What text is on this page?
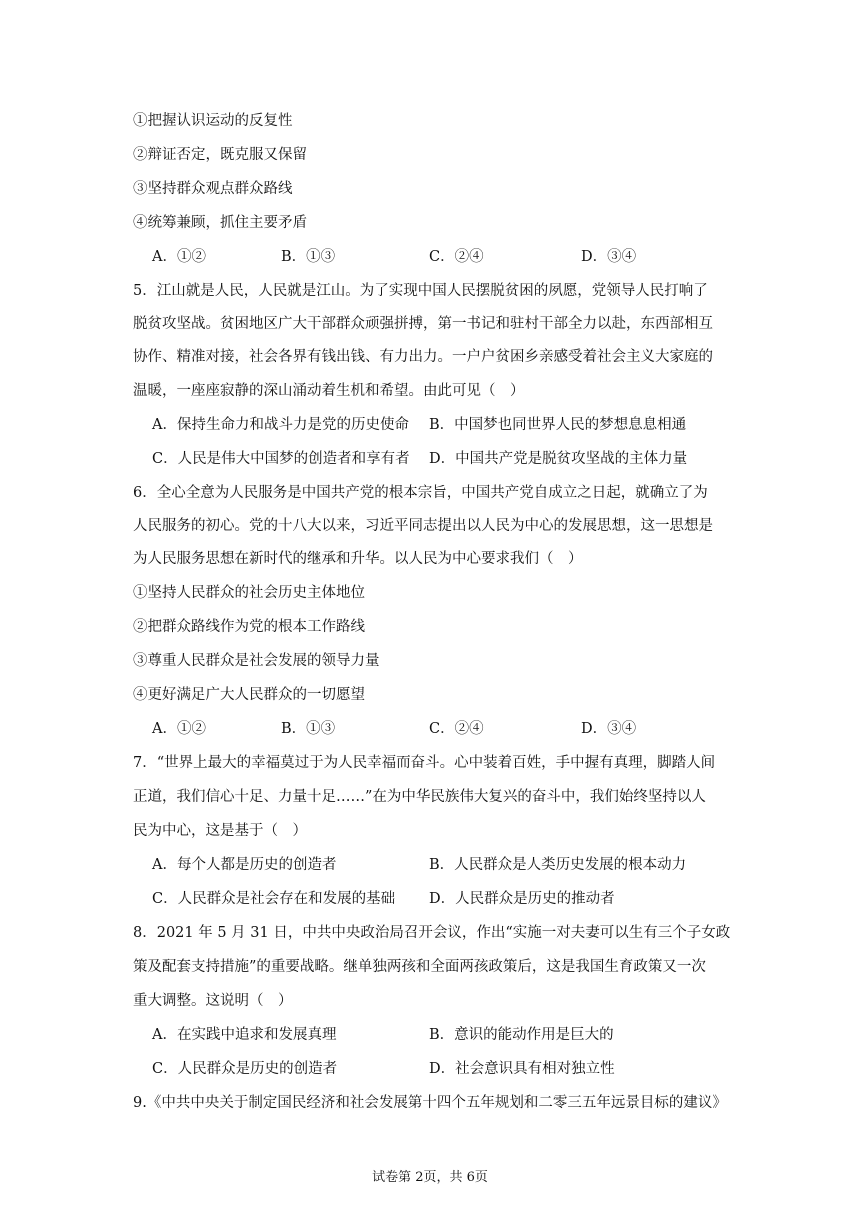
①把握认识运动的反复性
②辩证否定，既克服又保留
③坚持群众观点群众路线
④统筹兼顾，抓住主要矛盾
A．①②	B．①③	C．②④	D．③④
5．江山就是人民，人民就是江山。为了实现中国人民摆脱贫困的夙愿，党领导人民打响了
脱贫攻坚战。贫困地区广大干部群众顽强拼搏，第一书记和驻村干部全力以赴，东西部相互
协作、精准对接，社会各界有钱出钱、有力出力。一户户贫困乡亲感受着社会主义大家庭的
温暖，一座座寂静的深山涌动着生机和希望。由此可见（　）
A．保持生命力和战斗力是党的历史使命 B．中国梦也同世界人民的梦想息息相通
C．人民是伟大中国梦的创造者和享有者 D．中国共产党是脱贫攻坚战的主体力量
6．全心全意为人民服务是中国共产党的根本宗旨，中国共产党自成立之日起，就确立了为
人民服务的初心。党的十八大以来，习近平同志提出以人民为中心的发展思想，这一思想是
为人民服务思想在新时代的继承和升华。以人民为中心要求我们（　）
①坚持人民群众的社会历史主体地位
②把群众路线作为党的根本工作路线
③尊重人民群众是社会发展的领导力量
④更好满足广大人民群众的一切愿望
A．①②	B．①③	C．②④	D．③④
7．“世界上最大的幸福莫过于为人民幸福而奋斗。心中装着百姓，手中握有真理，脚踏人间
正道，我们信心十足、力量十足……”在为中华民族伟大复兴的奋斗中，我们始终坚持以人
民为中心，这是基于（　）
A．每个人都是历史的创造者	B．人民群众是人类历史发展的根本动力
C．人民群众是社会存在和发展的基础 D．人民群众是历史的推动者
8．2021 年 5 月 31 日，中共中央政治局召开会议，作出“实施一对夫妻可以生有三个子女政
策及配套支持措施”的重要战略。继单独两孩和全面两孩政策后，这是我国生育政策又一次
重大调整。这说明（　）
A．在实践中追求和发展真理	B．意识的能动作用是巨大的
C．人民群众是历史的创造者	D．社会意识具有相对独立性
9.《中共中央关于制定国民经济和社会发展第十四个五年规划和二零三五年远景目标的建议》
试卷第 2页，共 6页
